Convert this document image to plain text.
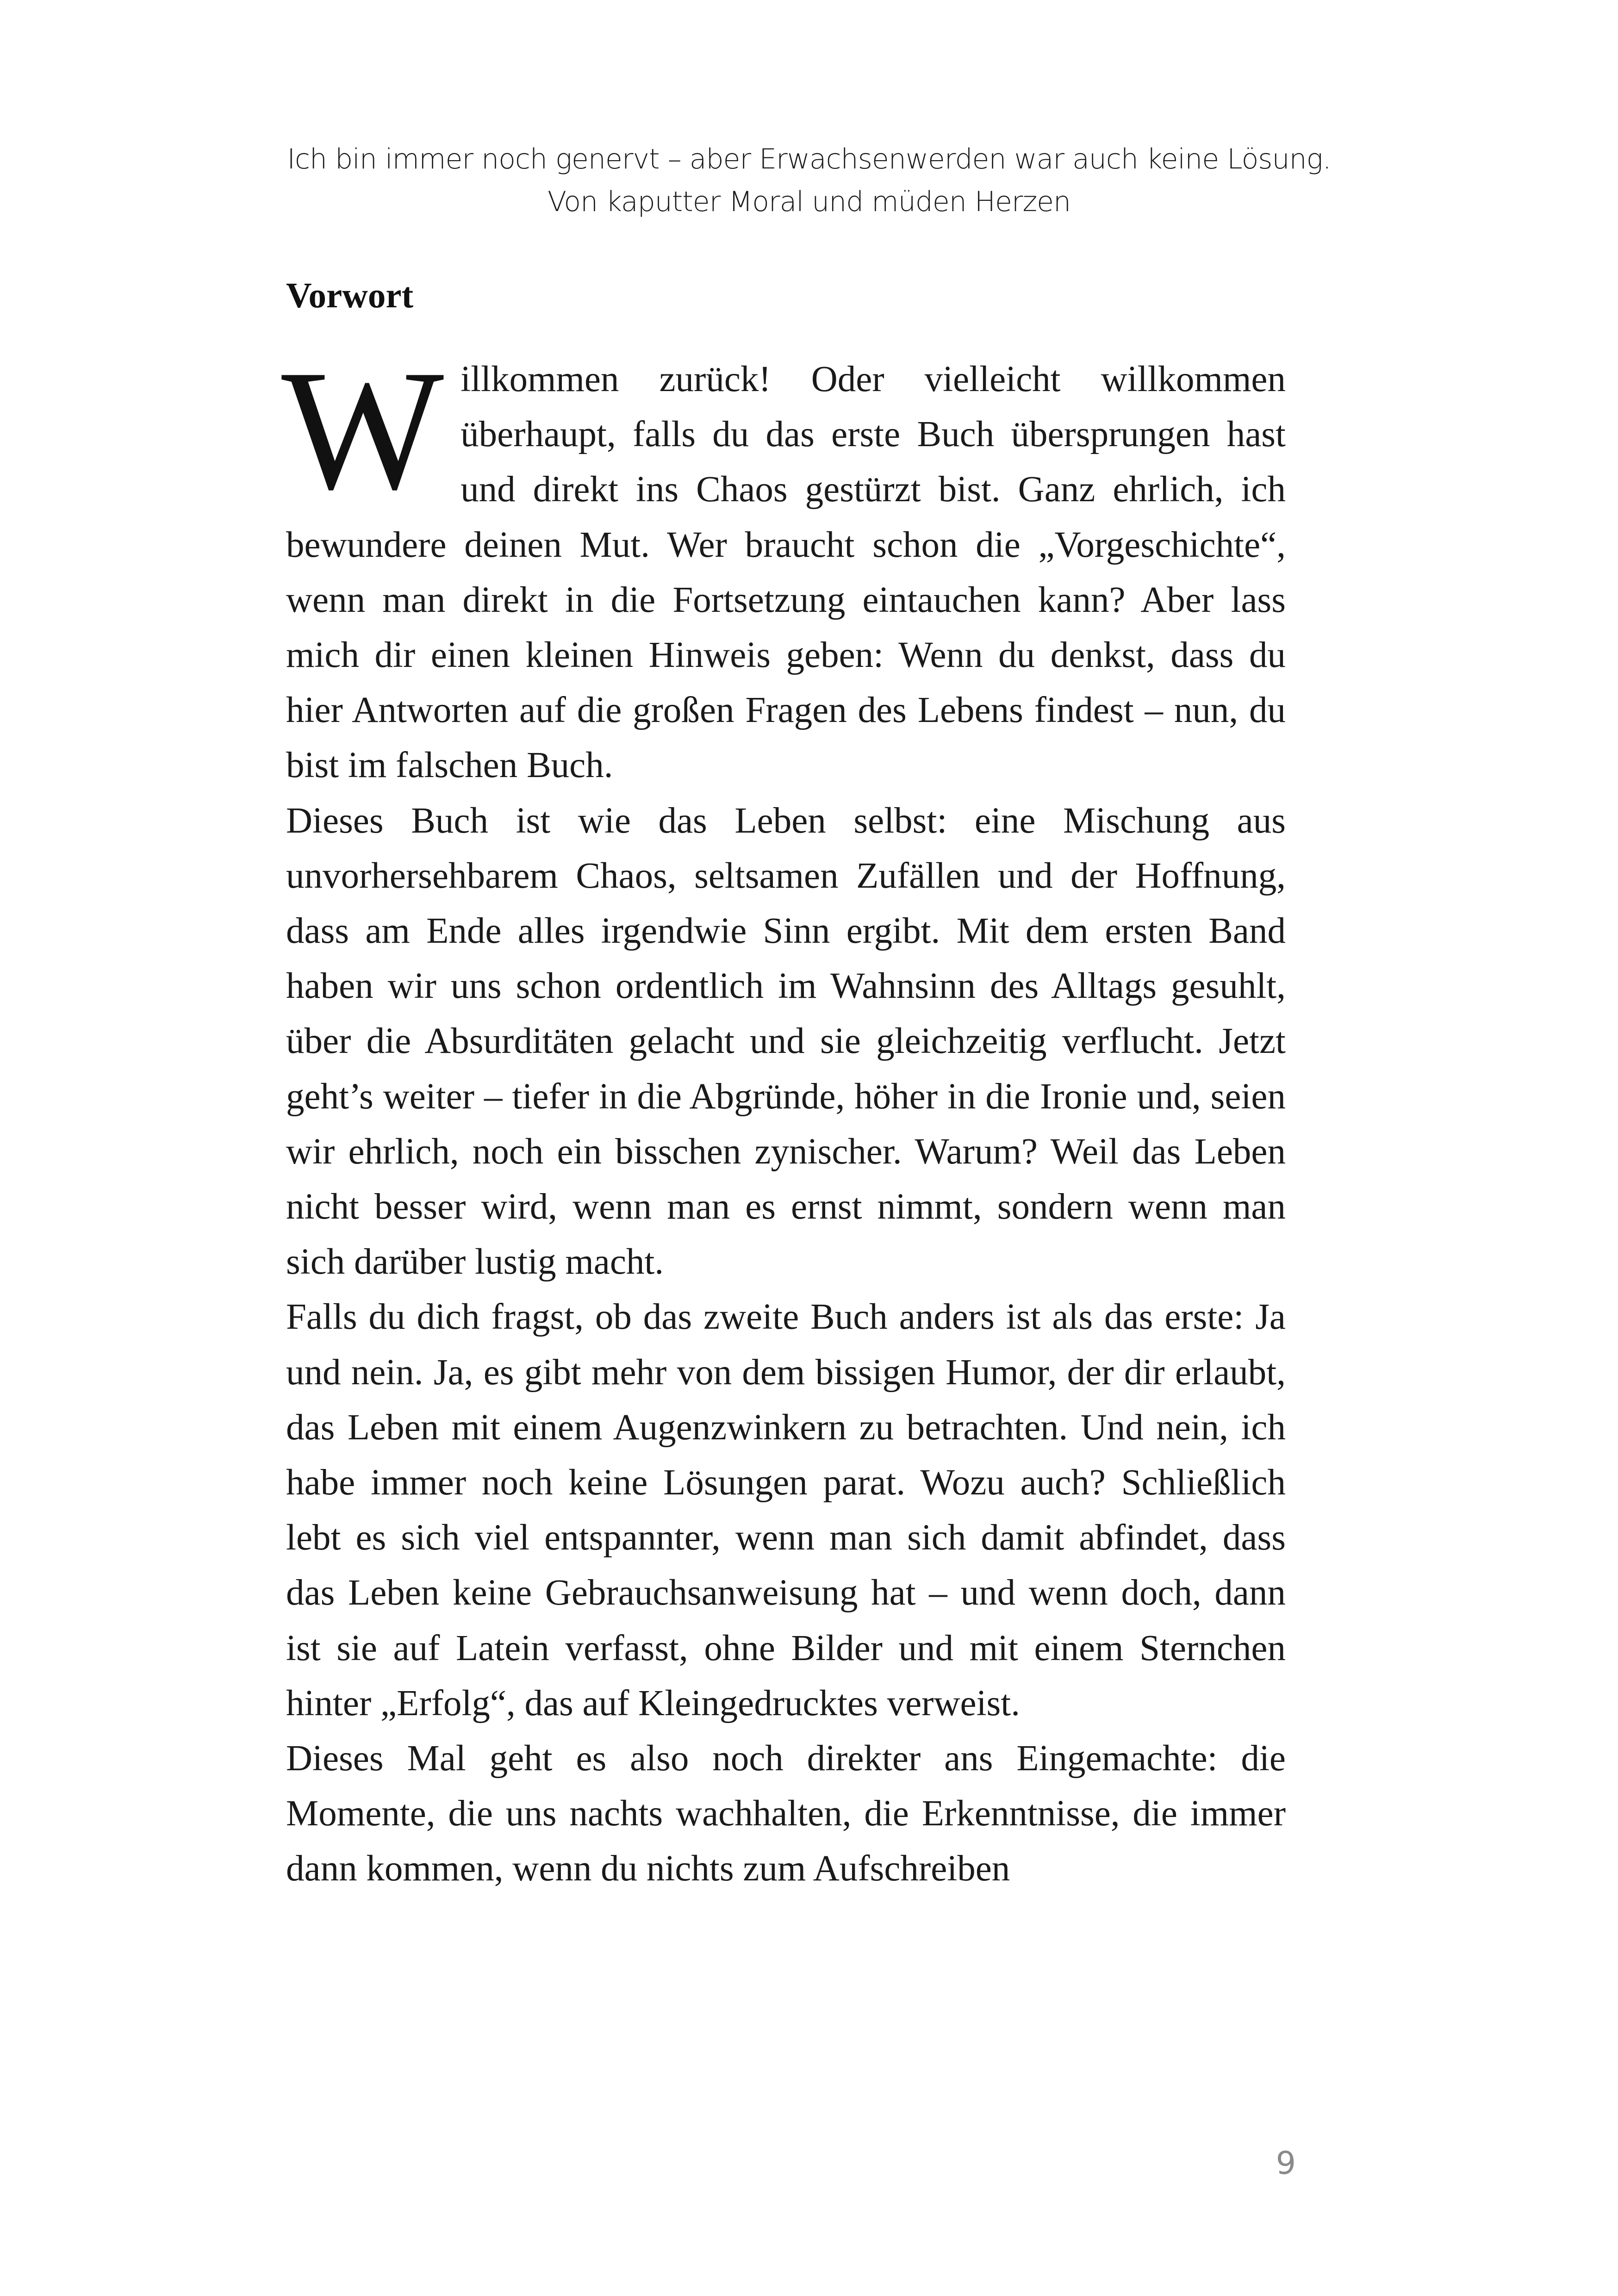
Ich bin immer noch genervt – aber Erwachsenwerden war auch keine Lösung.
Von kaputter Moral und müden Herzen
Vorwort

Willkommen zurück! Oder vielleicht willkommen überhaupt, falls du das erste Buch übersprungen hast und direkt ins Chaos gestürzt bist. Ganz ehrlich, ich bewundere deinen Mut. Wer braucht schon die „Vorgeschichte“, wenn man direkt in die Fortsetzung eintauchen kann? Aber lass mich dir einen kleinen Hinweis geben: Wenn du denkst, dass du hier Antworten auf die großen Fragen des Lebens findest – nun, du bist im falschen Buch.

Dieses Buch ist wie das Leben selbst: eine Mischung aus unvorhersehbarem Chaos, seltsamen Zufällen und der Hoffnung, dass am Ende alles irgendwie Sinn ergibt. Mit dem ersten Band haben wir uns schon ordentlich im Wahnsinn des Alltags gesuhlt, über die Absurditäten gelacht und sie gleichzeitig verflucht. Jetzt geht’s weiter – tiefer in die Abgründe, höher in die Ironie und, seien wir ehrlich, noch ein bisschen zynischer. Warum? Weil das Leben nicht besser wird, wenn man es ernst nimmt, sondern wenn man sich darüber lustig macht.

Falls du dich fragst, ob das zweite Buch anders ist als das erste: Ja und nein. Ja, es gibt mehr von dem bissigen Humor, der dir erlaubt, das Leben mit einem Augenzwinkern zu betrachten. Und nein, ich habe immer noch keine Lösungen parat. Wozu auch? Schließlich lebt es sich viel entspannter, wenn man sich damit abfindet, dass das Leben keine Gebrauchsanweisung hat – und wenn doch, dann ist sie auf Latein verfasst, ohne Bilder und mit einem Sternchen hinter „Erfolg“, das auf Kleingedrucktes verweist.

Dieses Mal geht es also noch direkter ans Eingemachte: die Momente, die uns nachts wachhalten, die Erkenntnisse, die immer dann kommen, wenn du nichts zum Aufschreiben

9
